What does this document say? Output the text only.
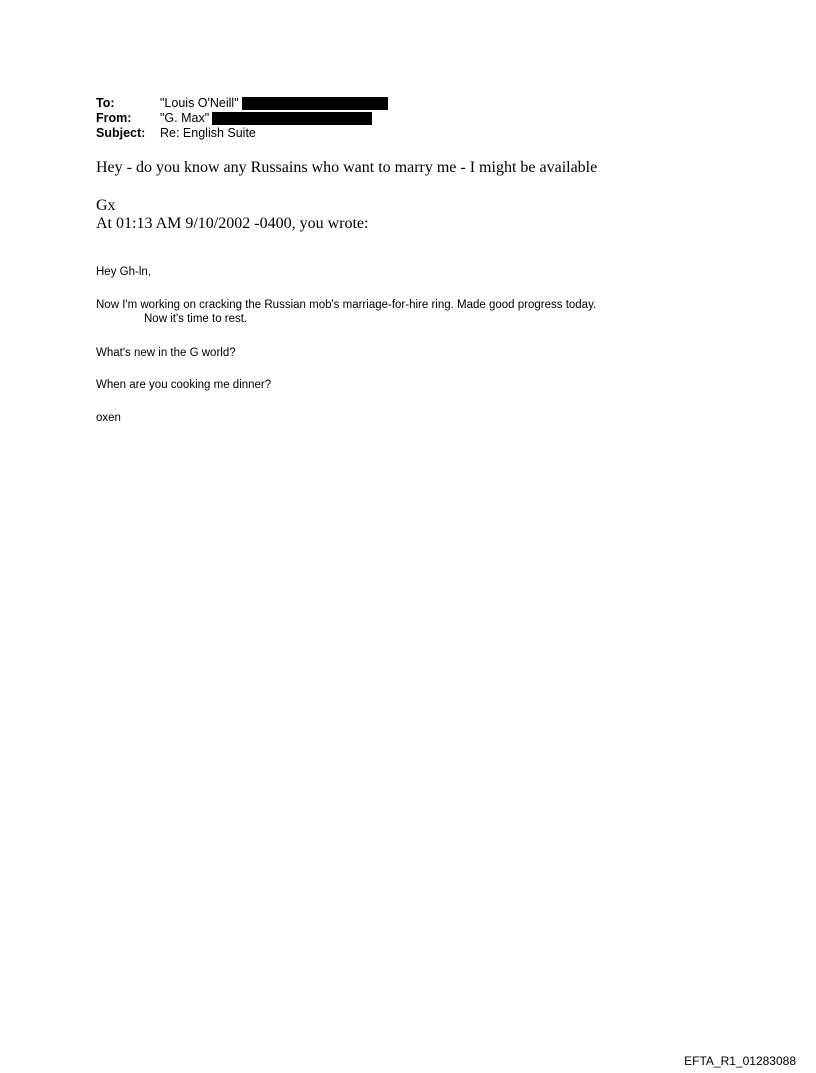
To:	"Louis O'Neill"
From:	"G. Max"
Subject:	Re: English Suite
Hey - do you know any Russains who want to marry me - I might be available
Gx
At 01:13 AM 9/10/2002 -0400, you wrote:
Hey Gh-ln,
Now I'm working on cracking the Russian mob's marriage-for-hire ring. Made good progress today.
Now it's time to rest.
What's new in the G world?
When are you cooking me dinner?
oxen
EFTA_R1_01283088
